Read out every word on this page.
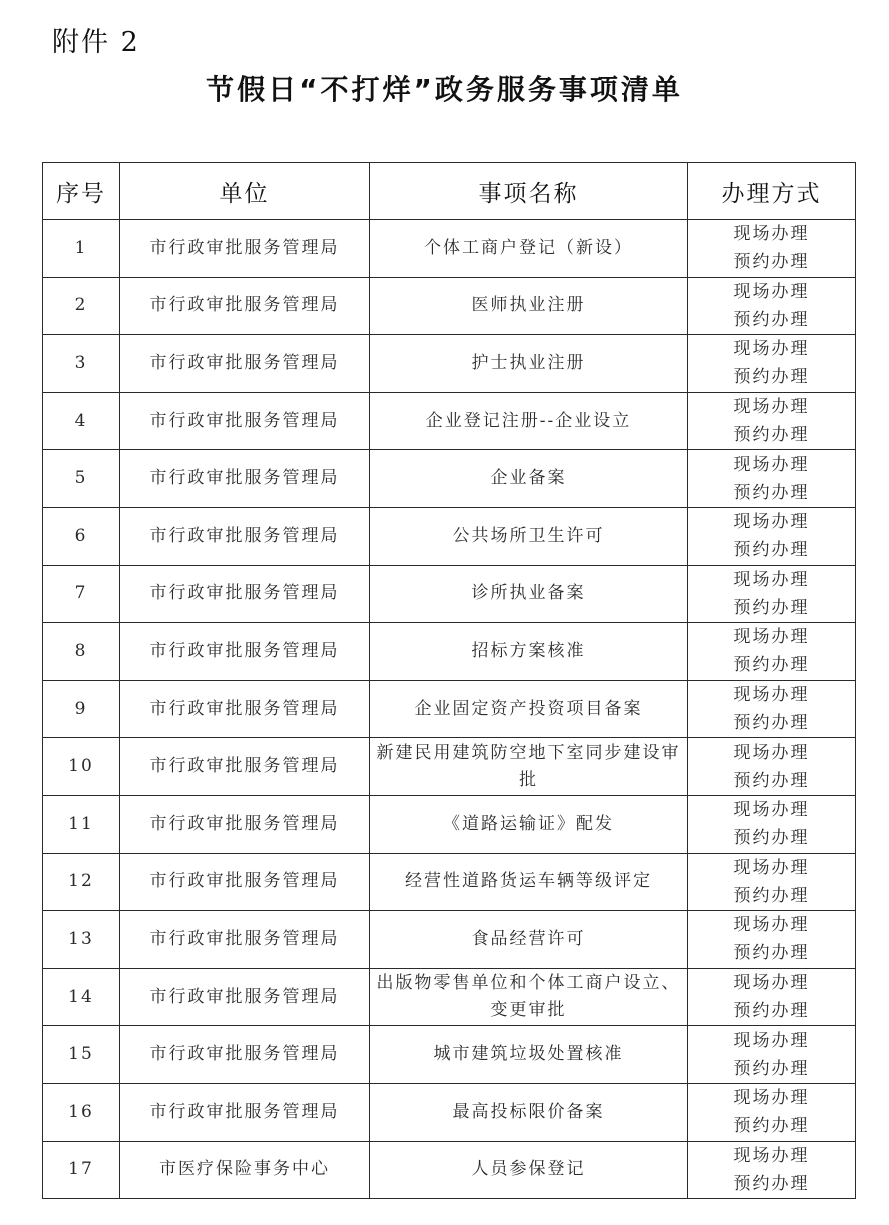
附件 2
节假日“不打烊”政务服务事项清单
序号	单位	事项名称	办理方式
1	市行政审批服务管理局	个体工商户登记（新设）	现场办理
预约办理

2	市行政审批服务管理局	医师执业注册	现场办理
预约办理

3	市行政审批服务管理局	护士执业注册	现场办理
预约办理

4	市行政审批服务管理局	企业登记注册--企业设立	现场办理
预约办理

5	市行政审批服务管理局	企业备案	现场办理
预约办理

6	市行政审批服务管理局	公共场所卫生许可	现场办理
预约办理

7	市行政审批服务管理局	诊所执业备案	现场办理
预约办理

8	市行政审批服务管理局	招标方案核准	现场办理
预约办理

9	市行政审批服务管理局	企业固定资产投资项目备案	现场办理
预约办理

10	市行政审批服务管理局	新建民用建筑防空地下室同步建设审批	现场办理
预约办理

11	市行政审批服务管理局	《道路运输证》配发	现场办理
预约办理

12	市行政审批服务管理局	经营性道路货运车辆等级评定	现场办理
预约办理

13	市行政审批服务管理局	食品经营许可	现场办理
预约办理

14	市行政审批服务管理局	出版物零售单位和个体工商户设立、变更审批	现场办理
预约办理

15	市行政审批服务管理局	城市建筑垃圾处置核准	现场办理
预约办理

16	市行政审批服务管理局	最高投标限价备案	现场办理
预约办理

17	市医疗保险事务中心	人员参保登记	现场办理
预约办理
